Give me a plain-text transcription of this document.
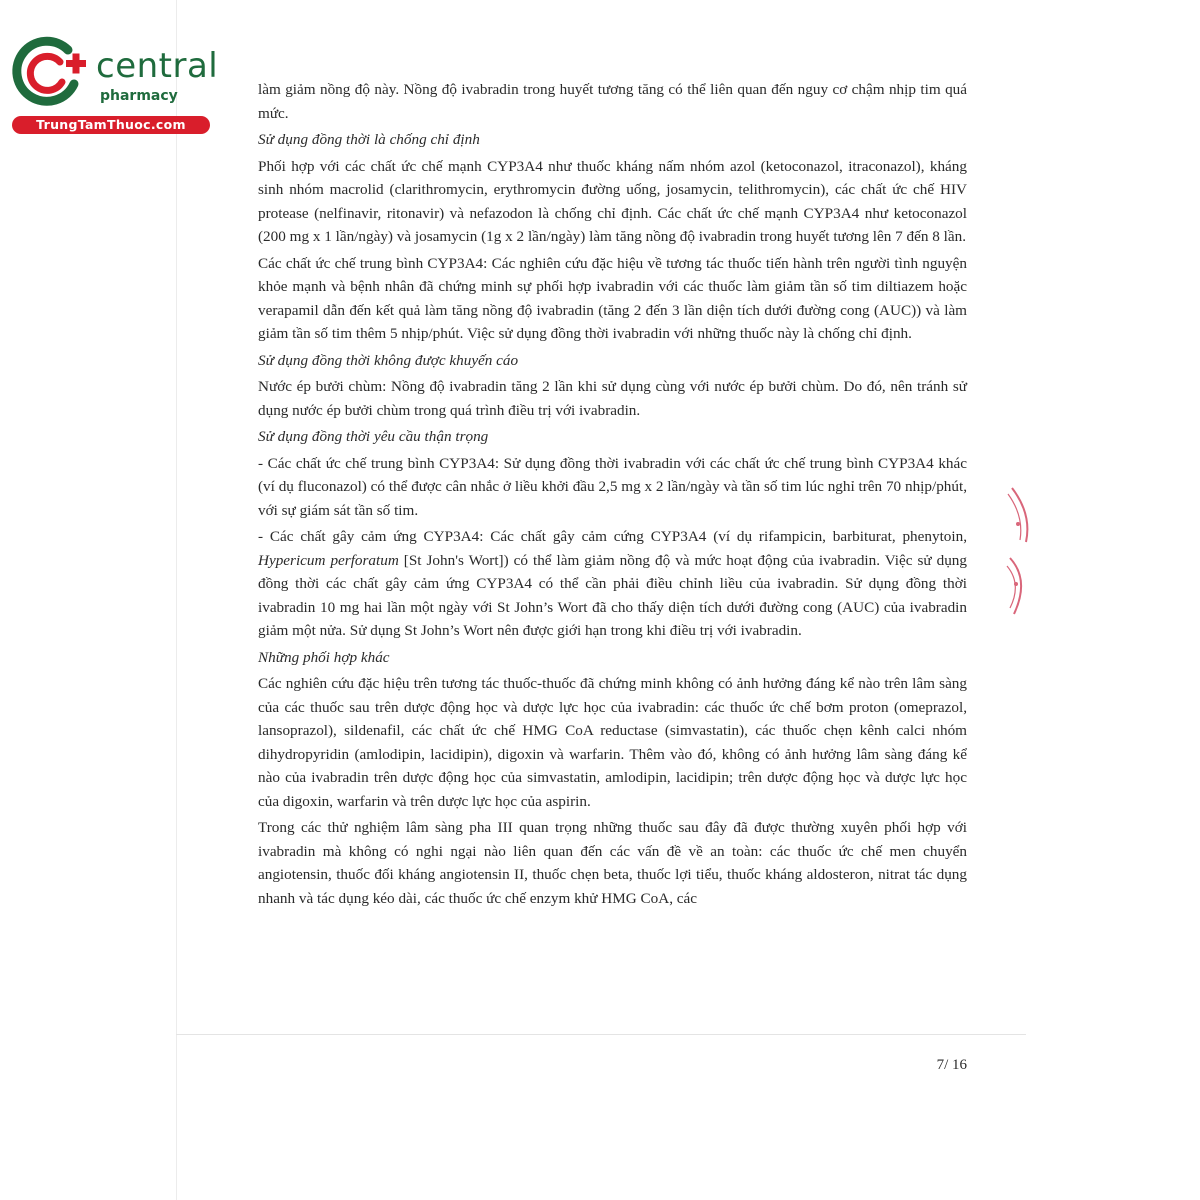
central
pharmacy
TrungTamThuoc.com

làm giảm nồng độ này. Nồng độ ivabradin trong huyết tương tăng có thể liên quan đến nguy cơ chậm nhịp tim quá mức.

Sử dụng đồng thời là chống chỉ định

Phối hợp với các chất ức chế mạnh CYP3A4 như thuốc kháng nấm nhóm azol (ketoconazol, itraconazol), kháng sinh nhóm macrolid (clarithromycin, erythromycin đường uống, josamycin, telithromycin), các chất ức chế HIV protease (nelfinavir, ritonavir) và nefazodon là chống chỉ định. Các chất ức chế mạnh CYP3A4 như ketoconazol (200 mg x 1 lần/ngày) và josamycin (1g x 2 lần/ngày) làm tăng nồng độ ivabradin trong huyết tương lên 7 đến 8 lần.

Các chất ức chế trung bình CYP3A4: Các nghiên cứu đặc hiệu về tương tác thuốc tiến hành trên người tình nguyện khỏe mạnh và bệnh nhân đã chứng minh sự phối hợp ivabradin với các thuốc làm giảm tần số tim diltiazem hoặc verapamil dẫn đến kết quả làm tăng nồng độ ivabradin (tăng 2 đến 3 lần diện tích dưới đường cong (AUC)) và làm giảm tần số tim thêm 5 nhịp/phút. Việc sử dụng đồng thời ivabradin với những thuốc này là chống chỉ định.

Sử dụng đồng thời không được khuyến cáo

Nước ép bưởi chùm: Nồng độ ivabradin tăng 2 lần khi sử dụng cùng với nước ép bưởi chùm. Do đó, nên tránh sử dụng nước ép bưởi chùm trong quá trình điều trị với ivabradin.

Sử dụng đồng thời yêu cầu thận trọng

- Các chất ức chế trung bình CYP3A4: Sử dụng đồng thời ivabradin với các chất ức chế trung bình CYP3A4 khác (ví dụ fluconazol) có thể được cân nhắc ở liều khởi đầu 2,5 mg x 2 lần/ngày và tần số tim lúc nghỉ trên 70 nhịp/phút, với sự giám sát tần số tim.

- Các chất gây cảm ứng CYP3A4: Các chất gây cảm cứng CYP3A4 (ví dụ rifampicin, barbiturat, phenytoin, Hypericum perforatum [St John's Wort]) có thể làm giảm nồng độ và mức hoạt động của ivabradin. Việc sử dụng đồng thời các chất gây cảm ứng CYP3A4 có thể cần phải điều chỉnh liều của ivabradin. Sử dụng đồng thời ivabradin 10 mg hai lần một ngày với St John’s Wort đã cho thấy diện tích dưới đường cong (AUC) của ivabradin giảm một nửa. Sử dụng St John’s Wort nên được giới hạn trong khi điều trị với ivabradin.

Những phối hợp khác

Các nghiên cứu đặc hiệu trên tương tác thuốc-thuốc đã chứng minh không có ảnh hưởng đáng kể nào trên lâm sàng của các thuốc sau trên dược động học và dược lực học của ivabradin: các thuốc ức chế bơm proton (omeprazol, lansoprazol), sildenafil, các chất ức chế HMG CoA reductase (simvastatin), các thuốc chẹn kênh calci nhóm dihydropyridin (amlodipin, lacidipin), digoxin và warfarin. Thêm vào đó, không có ảnh hưởng lâm sàng đáng kể nào của ivabradin trên dược động học của simvastatin, amlodipin, lacidipin; trên dược động học và dược lực học của digoxin, warfarin và trên dược lực học của aspirin.

Trong các thử nghiệm lâm sàng pha III quan trọng những thuốc sau đây đã được thường xuyên phối hợp với ivabradin mà không có nghi ngại nào liên quan đến các vấn đề về an toàn: các thuốc ức chế men chuyển angiotensin, thuốc đối kháng angiotensin II, thuốc chẹn beta, thuốc lợi tiểu, thuốc kháng aldosteron, nitrat tác dụng nhanh và tác dụng kéo dài, các thuốc ức chế enzym khử HMG CoA, các

7/ 16
